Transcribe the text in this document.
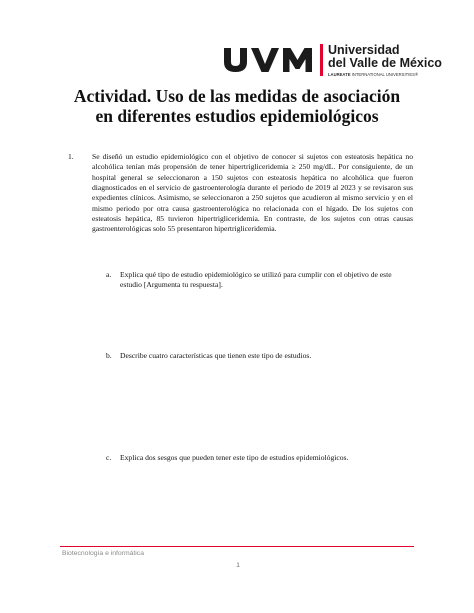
Universidad
del Valle de México
LAUREATE INTERNATIONAL UNIVERSITIES®
Actividad. Uso de las medidas de asociación en diferentes estudios epidemiológicos
1. Se diseñó un estudio epidemiológico con el objetivo de conocer si sujetos con esteatosis hepática no alcohólica tenían más propensión de tener hipertrigliceridemia ≥ 250 mg/dL. Por consiguiente, de un hospital general se seleccionaron a 150 sujetos con esteatosis hepática no alcohólica que fueron diagnosticados en el servicio de gastroenterología durante el periodo de 2019 al 2023 y se revisaron sus expedientes clínicos. Asimismo, se seleccionaron a 250 sujetos que acudieron al mismo servicio y en el mismo periodo por otra causa gastroenterológica no relacionada con el hígado. De los sujetos con esteatosis hepática, 85 tuvieron hipertrigliceridemia. En contraste, de los sujetos con otras causas gastroenterológicas solo 55 presentaron hipertrigliceridemia.
a. Explica qué tipo de estudio epidemiológico se utilizó para cumplir con el objetivo de este estudio [Argumenta tu respuesta].
b. Describe cuatro características que tienen este tipo de estudios.
c. Explica dos sesgos que pueden tener este tipo de estudios epidemiológicos.
Biotecnología e informática
1
